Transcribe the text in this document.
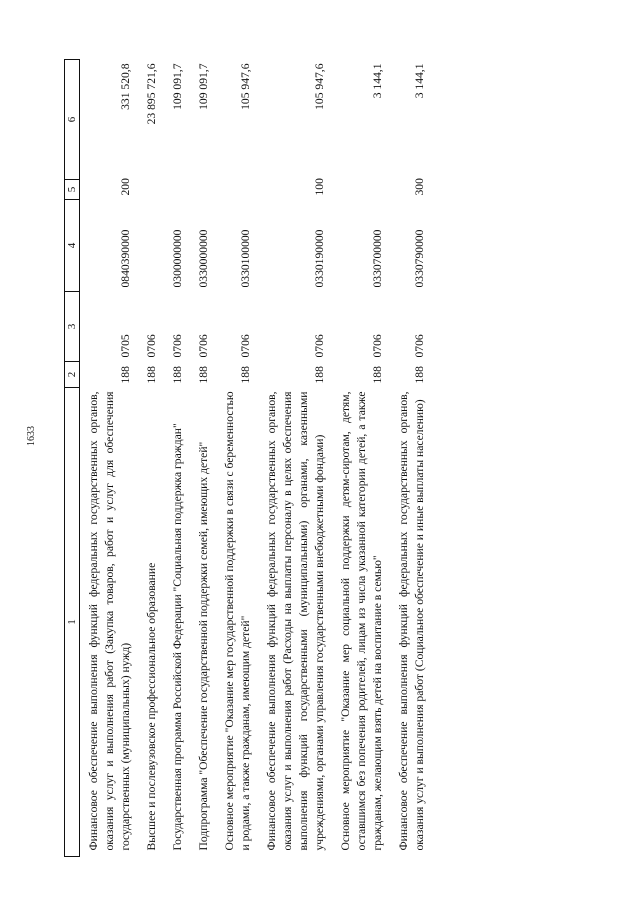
1633
1	2	3	4	5	6
Финансовое обеспечение выполнения функций федеральных государственных органов, оказания услуг и выполнения работ (Закупка товаров, работ и услуг для обеспечения государственных (муниципальных) нужд)	188	0705	0840390000	200	331 520,8
Высшее и послевузовское профессиональное образование	188	0706			23 895 721,6
Государственная программа Российской Федерации "Социальная поддержка граждан"	188	0706	0300000000		109 091,7
Подпрограмма "Обеспечение государственной поддержки семей, имеющих детей"	188	0706	0330000000		109 091,7
Основное мероприятие "Оказание мер государственной поддержки в связи с беременностью и родами, а также гражданам, имеющим детей"	188	0706	0330100000		105 947,6
Финансовое обеспечение выполнения функций федеральных государственных органов, оказания услуг и выполнения работ (Расходы на выплаты персоналу в целях обеспечения выполнения функций государственными (муниципальными) органами, казенными учреждениями, органами управления государственными внебюджетными фондами)	188	0706	0330190000	100	105 947,6
Основное мероприятие "Оказание мер социальной поддержки детям-сиротам, детям, оставшимся без попечения родителей, лицам из числа указанной категории детей, а также гражданам, желающим взять детей на воспитание в семью"	188	0706	0330700000		3 144,1
Финансовое обеспечение выполнения функций федеральных государственных органов, оказания услуг и выполнения работ (Социальное обеспечение и иные выплаты населению)	188	0706	0330790000	300	3 144,1
